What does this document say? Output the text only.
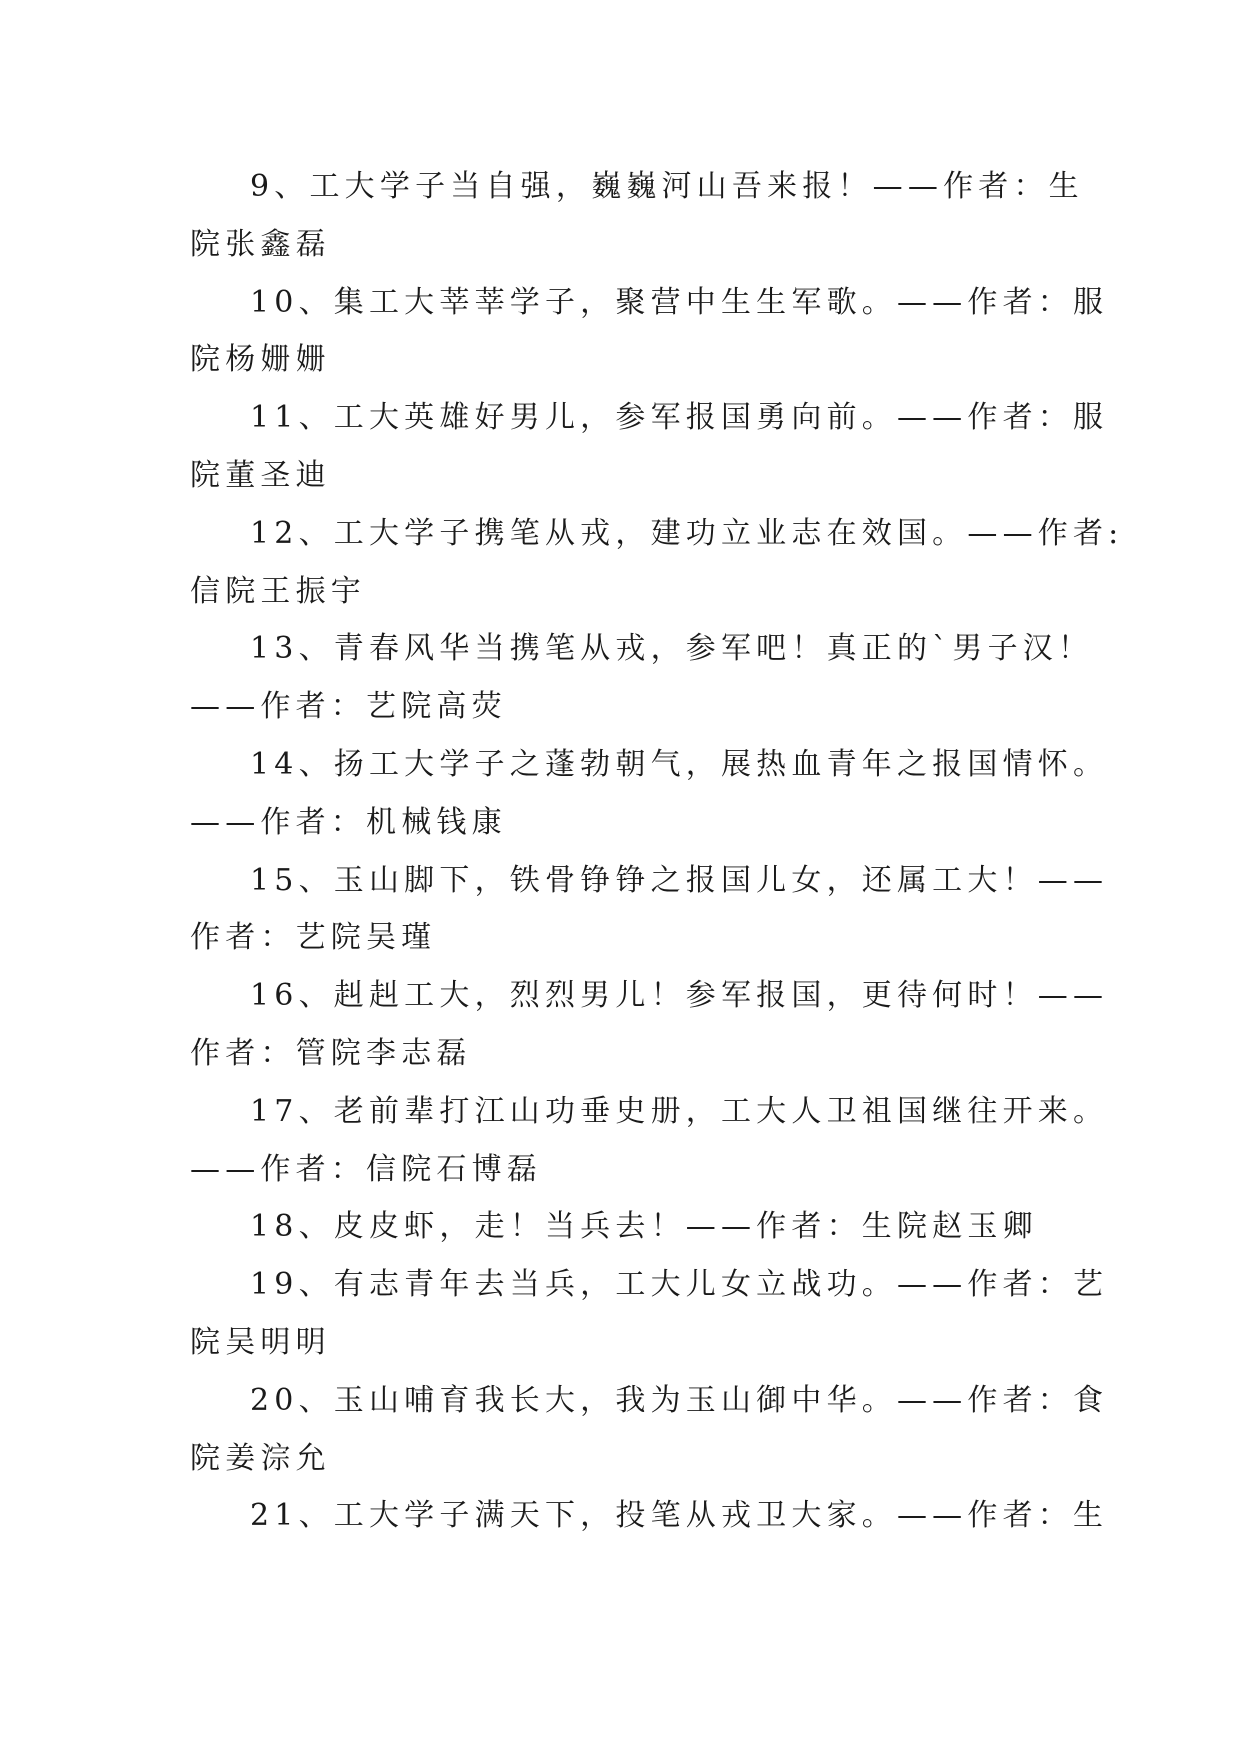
9、工大学子当自强，巍巍河山吾来报！——作者：生
院张鑫磊
10、集工大莘莘学子，聚营中生生军歌。——作者：服
院杨姗姗
11、工大英雄好男儿，参军报国勇向前。——作者：服
院董圣迪
12、工大学子携笔从戎，建功立业志在效国。——作者:
信院王振宇
13、青春风华当携笔从戎，参军吧！真正的`男子汉！
——作者：艺院高荧
14、扬工大学子之蓬勃朝气，展热血青年之报国情怀。
——作者：机械钱康
15、玉山脚下，铁骨铮铮之报国儿女，还属工大！——
作者：艺院吴瑾
16、赳赳工大，烈烈男儿！参军报国，更待何时！——
作者：管院李志磊
17、老前辈打江山功垂史册，工大人卫祖国继往开来。
——作者：信院石博磊
18、皮皮虾，走！当兵去！——作者：生院赵玉卿
19、有志青年去当兵，工大儿女立战功。——作者：艺
院吴明明
20、玉山哺育我长大，我为玉山御中华。——作者：食
院姜淙允
21、工大学子满天下，投笔从戎卫大家。——作者：生
